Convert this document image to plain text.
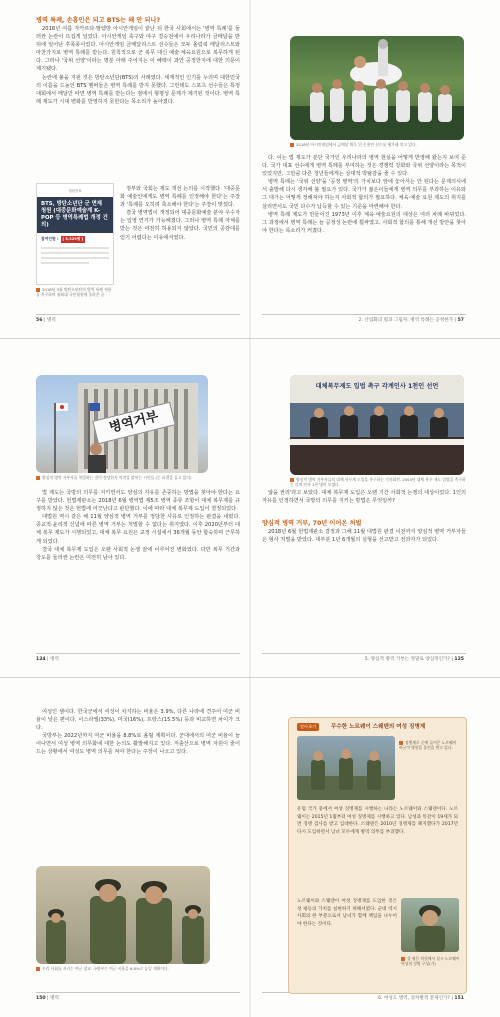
병역 특례, 손흥민은 되고 BTS는 왜 안 되나?

2018년 여름 자카르타·팔렘방 아시안게임이 끝난 뒤 한국 사회에서는 '병역 특례'를 둘러싼 논란이 뜨겁게 일었다. 아시안게임 축구와 야구 결승전에서 우리나라가 금메달을 딴 뒤에 일어난 후폭풍이었다. 아시안게임 금메달리스트 선수들은 모두 올림픽 메달리스트와 마찬가지로 병역 특례를 받는다. 원칙적으로 군 복무 대신 예술·체육요원으로 복무하게 된다. 그러나 '국위 선양'이라는 명분 아래 주어지는 이 혜택이 과연 공정한지에 대한 의문이 제기됐다.

논란에 불을 지핀 것은 방탄소년단(BTS)의 사례였다. 세계적인 인기를 누리며 대한민국의 이름을 드높인 BTS 멤버들은 병역 특례를 받지 못했다. 그런데도 스포츠 선수들은 특정 대회에서 메달만 따면 병역 특례를 받는다는 점에서 형평성 문제가 제기된 것이다. 병역 특례 제도가 시대 변화를 반영하지 못한다는 목소리가 높아졌다.

청원종료
BTS, 방탄소년단 군 면제 청원 (대중문화예술계 K-POP 등 병역특례법 개정 건의)
참여인원 : [ 5,329명 ]
2018년 3월 방탄소년단의 병역 특례 적용을 촉구하며 청와대 국민청원에 올라온 글

정부와 국회는 제도 개선 논의를 시작했다. '대중문화 예술인에게도 병역 특례를 인정해야 한다'는 주장과 '특례를 오히려 축소해야 한다'는 주장이 맞섰다.

결국 병역법이 개정되어 대중문화예술 분야 우수자는 입영 연기가 가능해졌다. 그러나 병역 특례 자체를 받는 것은 여전히 허용되지 않았다. 국민의 공감대를 얻기 어렵다는 이유에서였다.

2018년 아시안게임에서 금메달 획득 뒤 손흥민 선수를 헹가래 치고 있다.

다. 이는 법 제도가 분단 국가인 우리나라의 병역 현실을 어떻게 반영해 왔는지 보여 준다. 국가 대표 선수에게 병역 특례를 부여하는 것은 경쟁력 강화와 국위 선양이라는 목적이 있었지만, 그만큼 다른 청년들에게는 상대적 박탈감을 줄 수 있다.

병역 특례는 '국위 선양'을 '공정 병역'의 가치보다 앞에 놓아서는 안 된다는 문제의식에서 출발해 다시 생각해 볼 필요가 있다. 국가가 젊은이들에게 병역 의무를 부과하는 이유와 그 대가는 어떻게 정해져야 하는지 사회적 합의가 필요하다. 체육·예술 요원 제도의 취지를 살리면서도 국민 다수가 납득할 수 있는 기준을 마련해야 한다.

병역 특례 제도가 만들어진 1973년 이후 체육·예술요원의 대상은 여러 차례 바뀌었다. 그 과정에서 병역 특례는 늘 공정성 논란에 휩싸였고, 사회적 합의를 통해 개선 방안을 찾아야 한다는 목소리가 커졌다.

56 | 병역	2. 산업화의 빛과 그림자: 병역 특례는 공정한가 | 57
병역거부
양심적 병역 거부자를 처벌하는 것이 정당한지 의견을 밝히는 시민들 (는 피켓을 들고 있다)

법 제도는 국방의 의무를 지키면서도 양심의 자유를 존중하는 방법을 찾아야 한다는 요구를 받았다. 헌법재판소는 2018년 6월 병역법 제5조 병역 종류 조항이 대체 복무제를 규정하지 않은 것은 헌법에 어긋난다고 판단했다. 이에 따라 대체 복무제 도입이 결정되었다.

대법원 역시 같은 해 11월 양심적 병역 거부를 정당한 사유로 인정하는 판결을 내렸다. 종교적·윤리적 신념에 따른 병역 거부는 처벌할 수 없다는 취지였다. 이후 2020년부터 대체 복무 제도가 시행되었고, 대체 복무 요원은 교정 시설에서 36개월 동안 합숙하며 근무하게 되었다.

결국 대체 복무제 도입은 오랜 사회적 논쟁 끝에 이루어진 변화였다. 다만 복무 기간과 강도를 둘러싼 논란은 여전히 남아 있다.

대체복무제도 입법 촉구 각계인사 1천인 선언
양심적 병역 거부자들의 대체 복무제 도입을 촉구하는 기자회견. 2004년 대체 복무 제도 입법을 촉구하는 각계 인사 1천 명이 모였다.

않을 권리'라고 보았다. 대체 복무제 도입은 오랜 기간 사회적 논쟁의 대상이었다. 1인의 자유를 인정하면서 국방의 의무를 지키는 방법은 무엇일까?

양심적 병역 거부, 70년 이어온 처벌

2018년 6월 헌법재판소 결정과 그해 11월 대법원 판결 이전까지 양심적 병역 거부자들은 형사 처벌을 받았다. 대부분 1년 6개월의 실형을 선고받고 전과자가 되었다.

124 | 병역	5. 양심적 병역 거부는 정말로 양심적인가? | 125

여성인 셈이다. 한국군에서 여성이 차지하는 비율은 3.9%, 다른 나라에 견주어 여군 비율이 낮은 편이다. 이스라엘(33%), 미국(16%), 프랑스(15.5%) 등과 비교하면 차이가 크다.

국방부는 2022년까지 여군 비율을 8.8%로 올릴 계획이다. 군대에서의 여군 비율이 늘어나면서 여성 병역 의무화에 대한 논의도 활발해지고 있다. 저출산으로 병역 자원이 줄어드는 상황에서 여성도 병역 의무를 져야 한다는 주장이 나오고 있다.

우리 사회를 지키는 여군 장교. 국방부는 여군 비율을 8.8%로 높일 계획이다.
150 | 병역	6. 여성도 병역, 성차별적 문제인가? | 151
알아보기	무수한 노르웨이 스웨덴의 여성 징병제
징병제로 군에 들어온 노르웨이 여군이 방한을 훈련을 받고 있다.

유럽 국가 중에서 여성 징병제를 시행하는 나라는 노르웨이와 스웨덴이다. 노르웨이는 2015년 1월부터 여성 징병제를 시행하고 있다. 남성과 똑같이 19세가 되면 징병 검사를 받고 입대한다. 스웨덴은 2010년 징병제를 폐지했다가 2017년 다시 도입하면서 남녀 모두에게 병역 의무를 부과했다.

노르웨이와 스웨덴이 여성 징병제를 도입한 것은 성 평등의 가치를 실현하기 위해서였다. 군대 역시 사회의 한 부분으로서 남녀가 함께 책임을 나누어야 한다는 것이다.

성 평등 차원에서 실시 노르웨이 여성의 징병 구성(기)
